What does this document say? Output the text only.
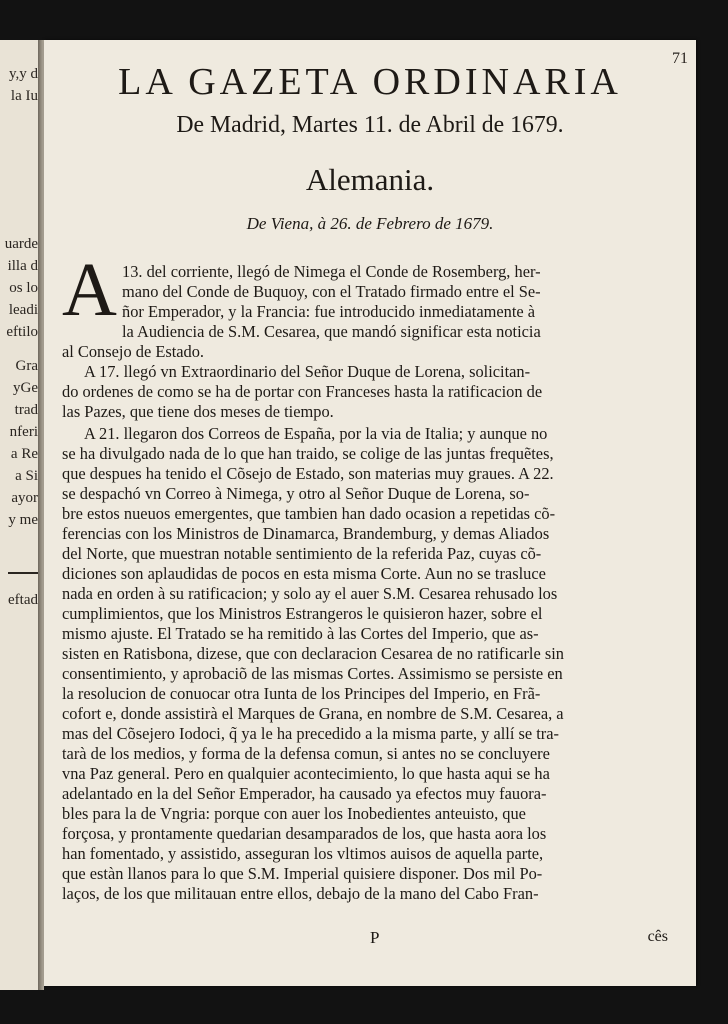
y,y d
la Iu
uarde
illa d
os lo
leadi
eftilo
Gra
yGe
trad
nferi
a Re
a Si
ayor
y me
eftad
71
LA GAZETA ORDINARIA
De Madrid, Martes 11. de Abril de 1679.
Alemania.
De Viena, à 26. de Febrero de 1679.
A 13. del corriente, llegó de Nimega el Conde de Rosemberg, her-
mano del Conde de Buquoy, con el Tratado firmado entre el Se-
ñor Emperador, y la Francia: fue introducido inmediatamente à
la Audiencia de S.M. Cesarea, que mandó significar esta noticia
al Consejo de Estado.
A 17. llegó vn Extraordinario del Señor Duque de Lorena, solicitan-
do ordenes de como se ha de portar con Franceses hasta la ratificacion de
las Pazes, que tiene dos meses de tiempo.
A 21. llegaron dos Correos de España, por la via de Italia; y aunque no
se ha divulgado nada de lo que han traido, se colige de las juntas frequẽtes,
que despues ha tenido el Cõsejo de Estado, son materias muy graues. A 22.
se despachó vn Correo à Nimega, y otro al Señor Duque de Lorena, so-
bre estos nueuos emergentes, que tambien han dado ocasion a repetidas cõ-
ferencias con los Ministros de Dinamarca, Brandemburg, y demas Aliados
del Norte, que muestran notable sentimiento de la referida Paz, cuyas cõ-
diciones son aplaudidas de pocos en esta misma Corte. Aun no se trasluce
nada en orden à su ratificacion; y solo ay el auer S.M. Cesarea rehusado los
cumplimientos, que los Ministros Estrangeros le quisieron hazer, sobre el
mismo ajuste. El Tratado se ha remitido à las Cortes del Imperio, que as-
sisten en Ratisbona, dizese, que con declaracion Cesarea de no ratificarle sin
consentimiento, y aprobaciõ de las mismas Cortes. Assimismo se persiste en
la resolucion de conuocar otra Iunta de los Principes del Imperio, en Frã-
cofort e, donde assistirà el Marques de Grana, en nombre de S.M. Cesarea, a
mas del Cõsejero Iodoci, q̃ ya le ha precedido a la misma parte, y allí se tra-
tarà de los medios, y forma de la defensa comun, si antes no se concluyere
vna Paz general. Pero en qualquier acontecimiento, lo que hasta aqui se ha
adelantado en la del Señor Emperador, ha causado ya efectos muy fauora-
bles para la de Vngria: porque con auer los Inobedientes anteuisto, que
forçosa, y prontamente quedarian desamparados de los, que hasta aora los
han fomentado, y assistido, asseguran los vltimos auisos de aquella parte,
que estàn llanos para lo que S.M. Imperial quisiere disponer. Dos mil Po-
laços, de los que militauan entre ellos, debajo de la mano del Cabo Fran-
P	cês
